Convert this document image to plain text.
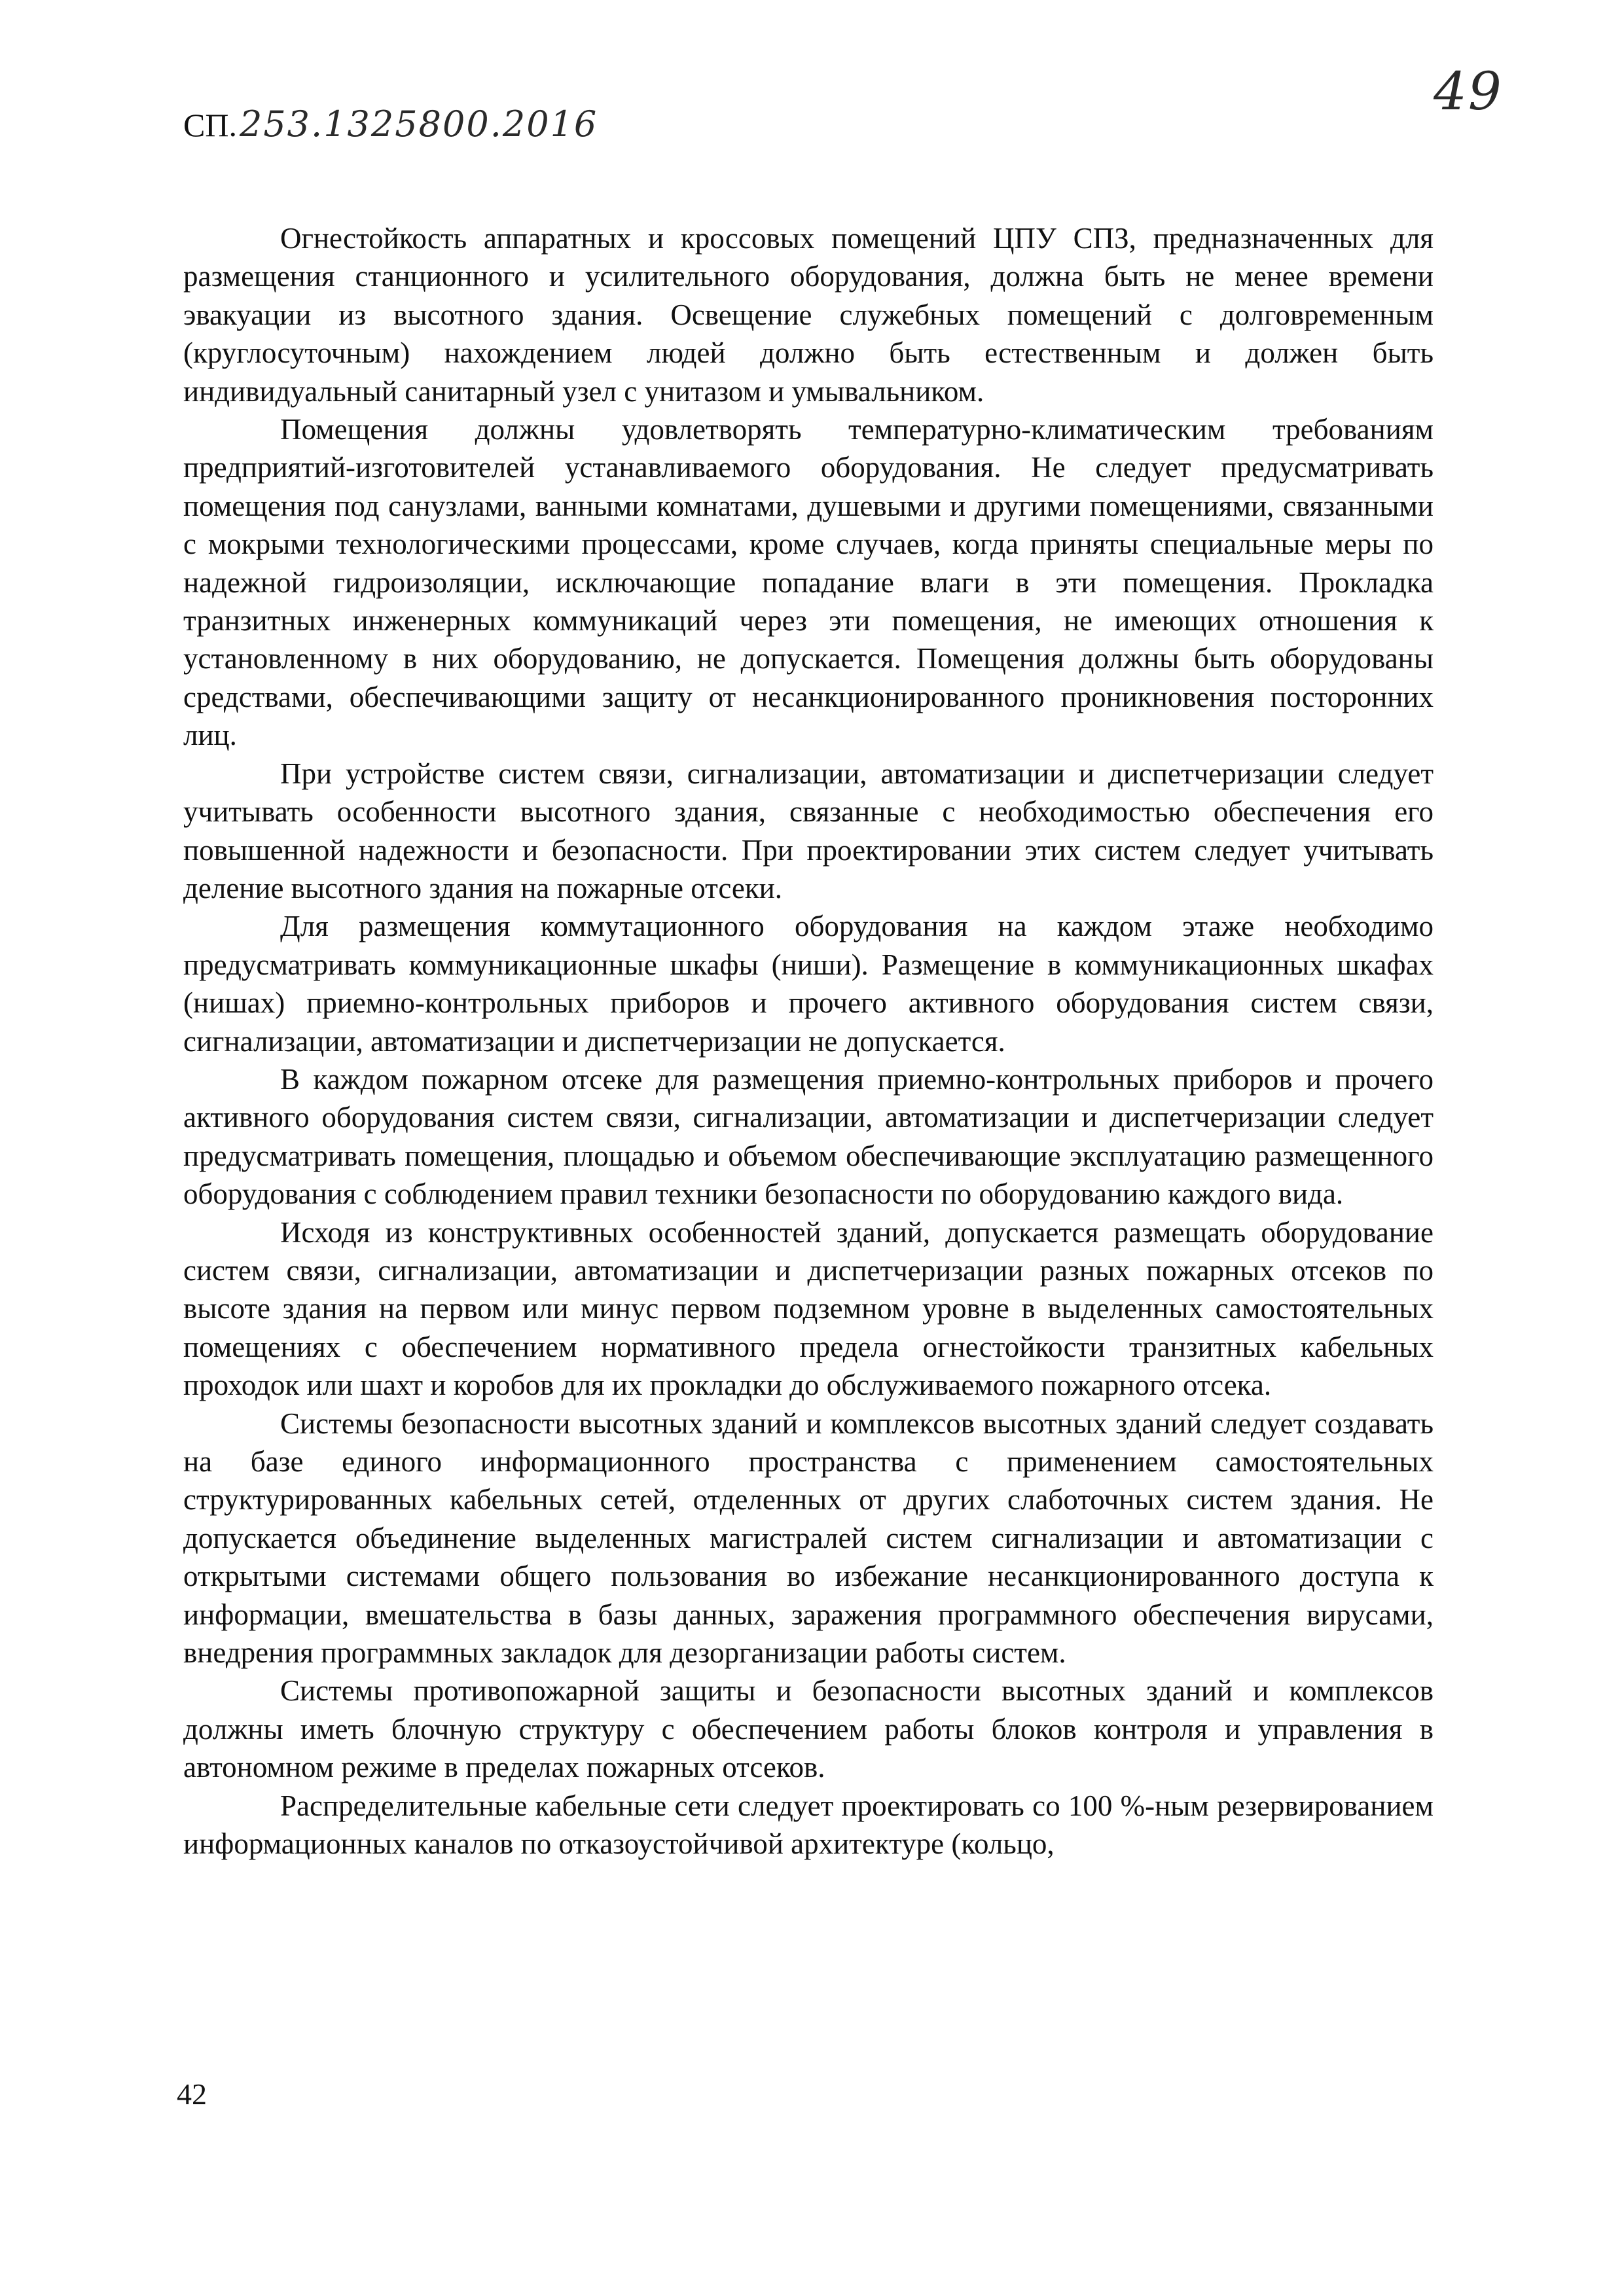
СП. 253.1325800.2016
49

Огнестойкость аппаратных и кроссовых помещений ЦПУ СПЗ, предназначенных для размещения станционного и усилительного оборудования, должна быть не менее времени эвакуации из высотного здания. Освещение служебных помещений с долговременным (круглосуточным) нахождением людей должно быть естественным и должен быть индивидуальный санитарный узел с унитазом и умывальником.

Помещения должны удовлетворять температурно-климатическим требованиям предприятий-изготовителей устанавливаемого оборудования. Не следует предусматривать помещения под санузлами, ванными комнатами, душевыми и другими помещениями, связанными с мокрыми технологическими процессами, кроме случаев, когда приняты специальные меры по надежной гидроизоляции, исключающие попадание влаги в эти помещения. Прокладка транзитных инженерных коммуникаций через эти помещения, не имеющих отношения к установленному в них оборудованию, не допускается. Помещения должны быть оборудованы средствами, обеспечивающими защиту от несанкционированного проникновения посторонних лиц.

При устройстве систем связи, сигнализации, автоматизации и диспетчеризации следует учитывать особенности высотного здания, связанные с необходимостью обеспечения его повышенной надежности и безопасности. При проектировании этих систем следует учитывать деление высотного здания на пожарные отсеки.

Для размещения коммутационного оборудования на каждом этаже необходимо предусматривать коммуникационные шкафы (ниши). Размещение в коммуникационных шкафах (нишах) приемно-контрольных приборов и прочего активного оборудования систем связи, сигнализации, автоматизации и диспетчеризации не допускается.

В каждом пожарном отсеке для размещения приемно-контрольных приборов и прочего активного оборудования систем связи, сигнализации, автоматизации и диспетчеризации следует предусматривать помещения, площадью и объемом обеспечивающие эксплуатацию размещенного оборудования с соблюдением правил техники безопасности по оборудованию каждого вида.

Исходя из конструктивных особенностей зданий, допускается размещать оборудование систем связи, сигнализации, автоматизации и диспетчеризации разных пожарных отсеков по высоте здания на первом или минус первом подземном уровне в выделенных самостоятельных помещениях с обеспечением нормативного предела огнестойкости транзитных кабельных проходок или шахт и коробов для их прокладки до обслуживаемого пожарного отсека.

Системы безопасности высотных зданий и комплексов высотных зданий следует создавать на базе единого информационного пространства с применением самостоятельных структурированных кабельных сетей, отделенных от других слаботочных систем здания. Не допускается объединение выделенных магистралей систем сигнализации и автоматизации с открытыми системами общего пользования во избежание несанкционированного доступа к информации, вмешательства в базы данных, заражения программного обеспечения вирусами, внедрения программных закладок для дезорганизации работы систем.

Системы противопожарной защиты и безопасности высотных зданий и комплексов должны иметь блочную структуру с обеспечением работы блоков контроля и управления в автономном режиме в пределах пожарных отсеков.

Распределительные кабельные сети следует проектировать со 100 %-ным резервированием информационных каналов по отказоустойчивой архитектуре (кольцо,

42
